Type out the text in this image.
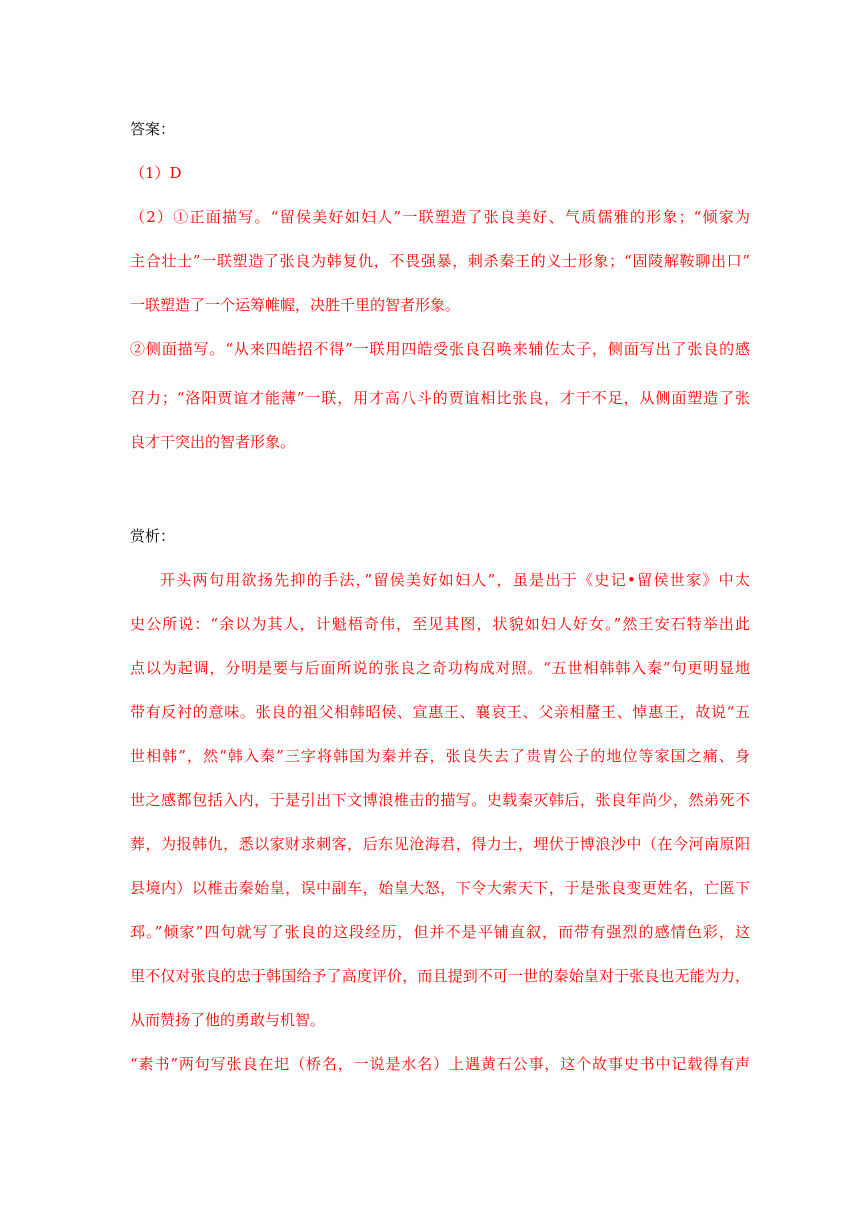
答案：
（1）D
（2）①正面描写。“留侯美好如妇人”一联塑造了张良美好、气质儒雅的形象；“倾家为
主合壮士”一联塑造了张良为韩复仇，不畏强暴，刺杀秦王的义士形象；“固陵解鞍聊出口”
一联塑造了一个运筹帷幄，决胜千里的智者形象。
②侧面描写。“从来四皓招不得”一联用四皓受张良召唤来辅佐太子，侧面写出了张良的感
召力；“洛阳贾谊才能薄”一联，用才高八斗的贾谊相比张良，才干不足，从侧面塑造了张
良才干突出的智者形象。
赏析：
开头两句用欲扬先抑的手法，”留侯美好如妇人”，虽是出于《史记•留侯世家》中太
史公所说：“余以为其人，计魁梧奇伟，至见其图，状貌如妇人好女。”然王安石特举出此
点以为起调，分明是要与后面所说的张良之奇功构成对照。“五世相韩韩入秦”句更明显地
带有反衬的意味。张良的祖父相韩昭侯、宣惠王、襄哀王、父亲相釐王、悼惠王，故说“五
世相韩”，然“韩入秦”三字将韩国为秦并吞，张良失去了贵胄公子的地位等家国之痛、身
世之感都包括入内，于是引出下文博浪椎击的描写。史载秦灭韩后，张良年尚少，然弟死不
葬，为报韩仇，悉以家财求刺客，后东见沧海君，得力士，埋伏于博浪沙中（在今河南原阳
县境内）以椎击秦始皇，误中副车，始皇大怒，下令大索天下，于是张良变更姓名，亡匿下
邳。”倾家”四句就写了张良的这段经历，但并不是平铺直叙，而带有强烈的感情色彩，这
里不仅对张良的忠于韩国给予了高度评价，而且提到不可一世的秦始皇对于张良也无能为力，
从而赞扬了他的勇敢与机智。
“素书”两句写张良在圯（桥名，一说是水名）上遇黄石公事，这个故事史书中记载得有声
